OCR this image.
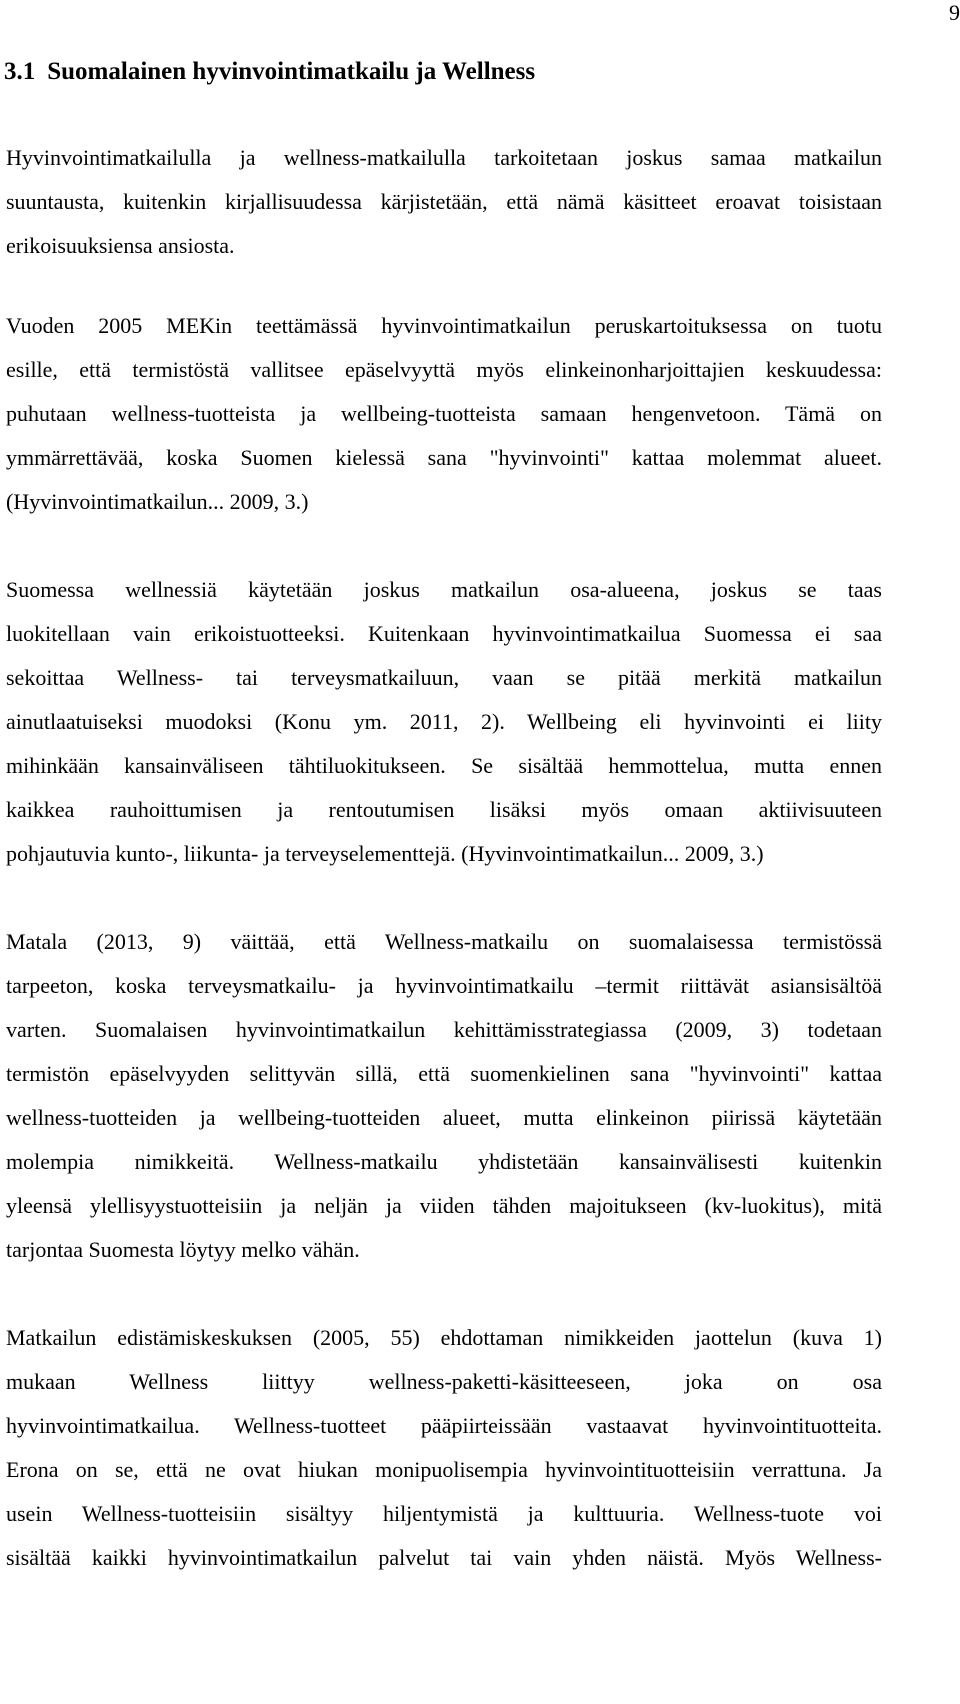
9
3.1 Suomalainen hyvinvointimatkailu ja Wellness

Hyvinvointimatkailulla ja wellness-matkailulla tarkoitetaan joskus samaa matkailun
suuntausta, kuitenkin kirjallisuudessa kärjistetään, että nämä käsitteet eroavat toisistaan
erikoisuuksiensa ansiosta.

Vuoden 2005 MEKin teettämässä hyvinvointimatkailun peruskartoituksessa on tuotu
esille, että termistöstä vallitsee epäselvyyttä myös elinkeinonharjoittajien keskuudessa:
puhutaan wellness-tuotteista ja wellbeing-tuotteista samaan hengenvetoon. Tämä on
ymmärrettävää, koska Suomen kielessä sana "hyvinvointi" kattaa molemmat alueet.
(Hyvinvointimatkailun... 2009, 3.)

Suomessa wellnessiä käytetään joskus matkailun osa-alueena, joskus se taas
luokitellaan vain erikoistuotteeksi. Kuitenkaan hyvinvointimatkailua Suomessa ei saa
sekoittaa Wellness- tai terveysmatkailuun, vaan se pitää merkitä matkailun
ainutlaatuiseksi muodoksi (Konu ym. 2011, 2). Wellbeing eli hyvinvointi ei liity
mihinkään kansainväliseen tähtiluokitukseen. Se sisältää hemmottelua, mutta ennen
kaikkea rauhoittumisen ja rentoutumisen lisäksi myös omaan aktiivisuuteen
pohjautuvia kunto-, liikunta- ja terveyselementtejä. (Hyvinvointimatkailun... 2009, 3.)

Matala (2013, 9) väittää, että Wellness-matkailu on suomalaisessa termistössä
tarpeeton, koska terveysmatkailu- ja hyvinvointimatkailu –termit riittävät asiansisältöä
varten. Suomalaisen hyvinvointimatkailun kehittämisstrategiassa (2009, 3) todetaan
termistön epäselvyyden selittyvän sillä, että suomenkielinen sana "hyvinvointi" kattaa
wellness-tuotteiden ja wellbeing-tuotteiden alueet, mutta elinkeinon piirissä käytetään
molempia nimikkeitä. Wellness-matkailu yhdistetään kansainvälisesti kuitenkin
yleensä ylellisyystuotteisiin ja neljän ja viiden tähden majoitukseen (kv-luokitus), mitä
tarjontaa Suomesta löytyy melko vähän.

Matkailun edistämiskeskuksen (2005, 55) ehdottaman nimikkeiden jaottelun (kuva 1)
mukaan Wellness liittyy wellness-paketti-käsitteeseen, joka on osa
hyvinvointimatkailua. Wellness-tuotteet pääpiirteissään vastaavat hyvinvointituotteita.
Erona on se, että ne ovat hiukan monipuolisempia hyvinvointituotteisiin verrattuna. Ja
usein Wellness-tuotteisiin sisältyy hiljentymistä ja kulttuuria. Wellness-tuote voi
sisältää kaikki hyvinvointimatkailun palvelut tai vain yhden näistä. Myös Wellness-
